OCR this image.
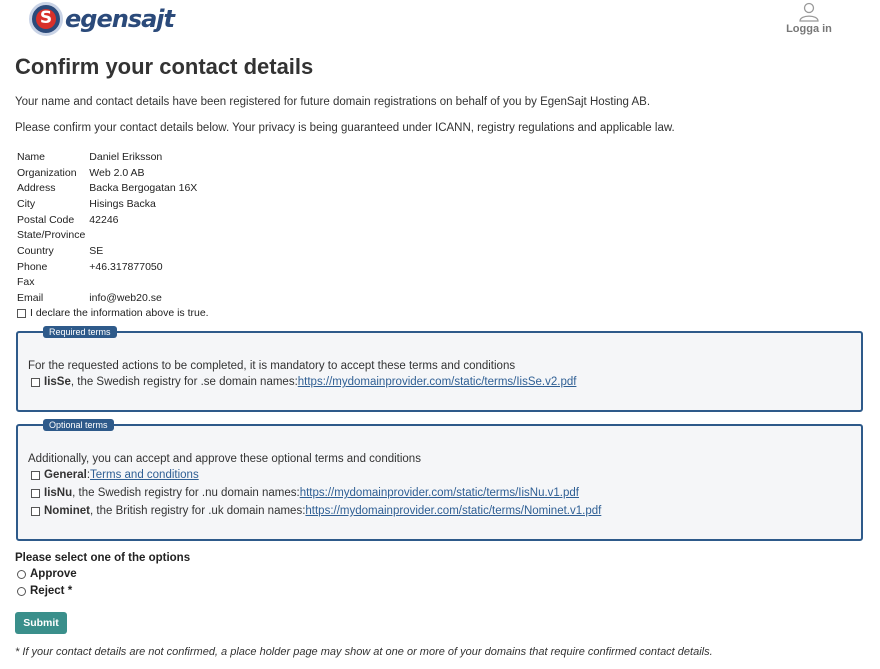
S egensajt	Logga in
Confirm your contact details

Your name and contact details have been registered for future domain registrations on behalf of you by EgenSajt Hosting AB.

Please confirm your contact details below. Your privacy is being guaranteed under ICANN, registry regulations and applicable law.

Name	Daniel Eriksson
Organization	Web 2.0 AB
Address	Backa Bergogatan 16X
City	Hisings Backa
Postal Code	42246
State/Province	
Country	SE
Phone	+46.317877050
Fax	
Email	info@web20.se
I declare the information above is true.
Required terms
For the requested actions to be completed, it is mandatory to accept these terms and conditions
IisSe , the Swedish registry for .se domain names: https://mydomainprovider.com/static/terms/IisSe.v2.pdf
Optional terms
Additionally, you can accept and approve these optional terms and conditions
General : Terms and conditions
IisNu , the Swedish registry for .nu domain names: https://mydomainprovider.com/static/terms/IisNu.v1.pdf
Nominet , the British registry for .uk domain names: https://mydomainprovider.com/static/terms/Nominet.v1.pdf
Please select one of the options
Approve
Reject *
Submit

* If your contact details are not confirmed, a place holder page may show at one or more of your domains that require confirmed contact details.
